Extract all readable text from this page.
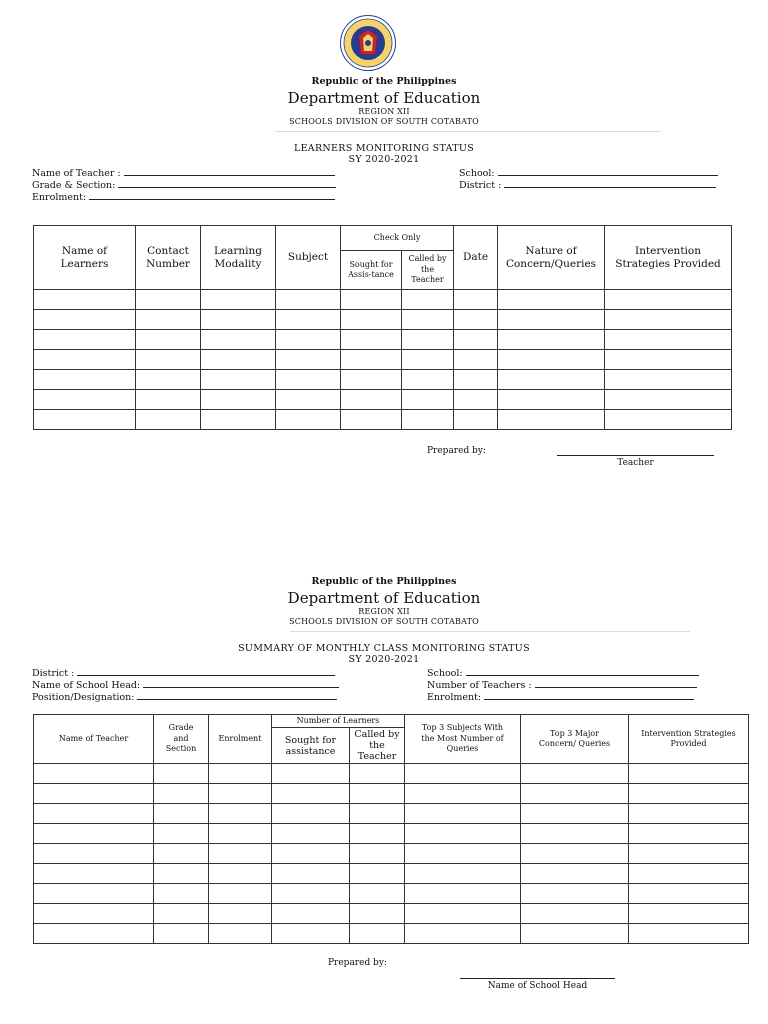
Republic of the Philippines
Department of Education
REGION XII
SCHOOLS DIVISION OF SOUTH COTABATO
LEARNERS MONITORING STATUS
SY 2020-2021
Name of Teacher :
Grade & Section:
Enrolment:
School:
District :
Name of Learners	Contact Number	Learning Modality	Subject	Check Only		Date	Nature of Concern/Queries	Intervention Strategies Provided
				Sought for Assis-tance	Called by the Teacher			

Prepared by:
Teacher
Republic of the Philippines
Department of Education
REGION XII
SCHOOLS DIVISION OF SOUTH COTABATO
SUMMARY OF MONTHLY CLASS MONITORING STATUS
SY 2020-2021
District :
Name of School Head:
Position/Designation:
School:
Number of Teachers :
Enrolment:
Name of Teacher	Grade and Section	Enrolment	Number of Learners		Top 3 Subjects With the Most Number of Queries	Top 3 Major Concern/ Queries	Intervention Strategies Provided
			Sought for assistance	Called by the Teacher			

Prepared by:
Name of School Head
